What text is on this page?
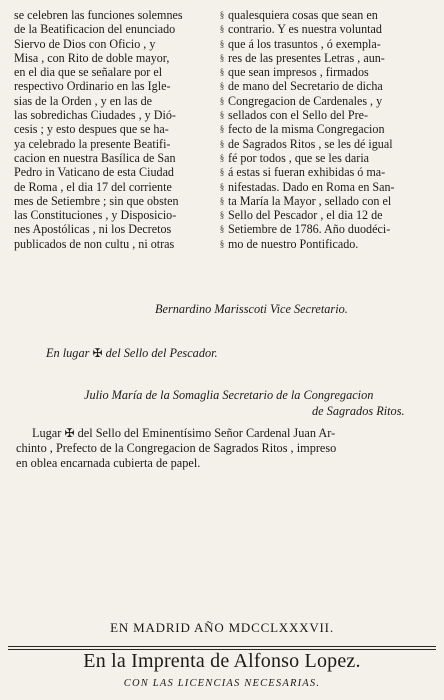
se celebren las funciones solemnes
de la Beatificacion del enunciado
Siervo de Dios con Oficio , y
Misa , con Rito de doble mayor,
en el dia que se señalare por el
respectivo Ordinario en las Igle-
sias de la Orden , y en las de
las sobredichas Ciudades , y Dió-
cesis ; y esto despues que se ha-
ya celebrado la presente Beatifi-
cacion en nuestra Basílica de San
Pedro in Vaticano de esta Ciudad
de Roma , el dia 17 del corriente
mes de Setiembre ; sin que obsten
las Constituciones , y Disposicio-
nes Apostólicas , ni los Decretos
publicados de non cultu , ni otras
§
§
§
§
§
§
§
§
§
§
§
§
§
§
§
§
§
qualesquiera cosas que sean en
contrario. Y es nuestra voluntad
que á los trasuntos , ó exempla-
res de las presentes Letras , aun-
que sean impresos , firmados
de mano del Secretario de dicha
Congregacion de Cardenales , y
sellados con el Sello del Pre-
fecto de la misma Congregacion
de Sagrados Ritos , se les dé igual
fé por todos , que se les daria
á estas si fueran exhibidas ó ma-
nifestadas. Dado en Roma en San-
ta María la Mayor , sellado con el
Sello del Pescador , el dia 12 de
Setiembre de 1786. Año duodéci-
mo de nuestro Pontificado.
Bernardino Marisscoti Vice Secretario.
En lugar ✠ del Sello del Pescador.
Julio María de la Somaglia Secretario de la Congregacion
de Sagrados Ritos.
Lugar ✠ del Sello del Eminentísimo Señor Cardenal Juan Ar-
chinto , Prefecto de la Congregacion de Sagrados Ritos , impreso
en oblea encarnada cubierta de papel.
EN MADRID AÑO MDCCLXXXVII.
En la Imprenta de Alfonso Lopez.
CON LAS LICENCIAS NECESARIAS.
